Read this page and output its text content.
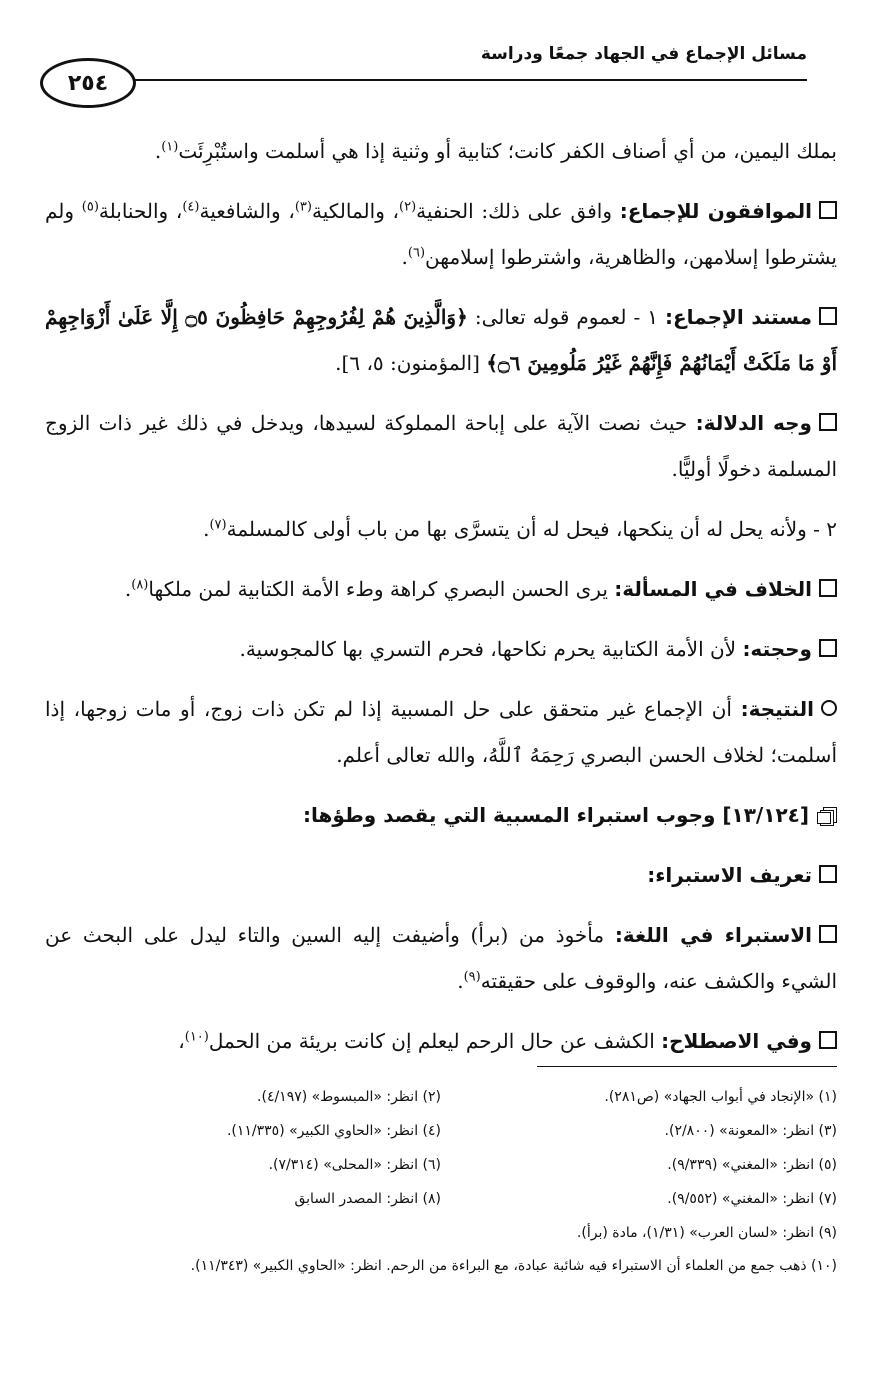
مسائل الإجماع في الجهاد جمعًا ودراسة
٢٥٤

بملك اليمين، من أي أصناف الكفر كانت؛ كتابية أو وثنية إذا هي أسلمت واستُبْرِئَت$^{(١)}$.

الموافقون للإجماع: وافق على ذلك: الحنفية$^{(٢)}$، والمالكية$^{(٣)}$، والشافعية$^{(٤)}$، والحنابلة$^{(٥)}$ ولم يشترطوا إسلامهن، والظاهرية، واشترطوا إسلامهن$^{(٦)}$.

مستند الإجماع: ١ - لعموم قوله تعالى: ﴿وَالَّذِينَ هُمْ لِفُرُوجِهِمْ حَافِظُونَ ۝٥ إِلَّا عَلَىٰ أَزْوَاجِهِمْ أَوْ مَا مَلَكَتْ أَيْمَانُهُمْ فَإِنَّهُمْ غَيْرُ مَلُومِينَ ۝٦﴾ [المؤمنون: ٥، ٦].

وجه الدلالة: حيث نصت الآية على إباحة المملوكة لسيدها، ويدخل في ذلك غير ذات الزوج المسلمة دخولًا أوليًّا.

٢ - ولأنه يحل له أن ينكحها، فيحل له أن يتسرَّى بها من باب أولى كالمسلمة$^{(٧)}$.

الخلاف في المسألة: يرى الحسن البصري كراهة وطء الأمة الكتابية لمن ملكها$^{(٨)}$.

وحجته: لأن الأمة الكتابية يحرم نكاحها، فحرم التسري بها كالمجوسية.

النتيجة: أن الإجماع غير متحقق على حل المسبية إذا لم تكن ذات زوج، أو مات زوجها، إذا أسلمت؛ لخلاف الحسن البصري رَحِمَهُ ٱللَّهُ، والله تعالى أعلم.

[١٣/١٢٤] وجوب استبراء المسبية التي يقصد وطؤها:

تعريف الاستبراء:

الاستبراء في اللغة: مأخوذ من (برأ) وأضيفت إليه السين والتاء ليدل على البحث عن الشيء والكشف عنه، والوقوف على حقيقته$^{(٩)}$.

وفي الاصطلاح: الكشف عن حال الرحم ليعلم إن كانت بريئة من الحمل$^{(١٠)}$،

(١) «الإنجاد في أبواب الجهاد» (ص٢٨١).
(٢) انظر: «المبسوط» (٤/١٩٧).
(٣) انظر: «المعونة» (٢/٨٠٠).
(٤) انظر: «الحاوي الكبير» (١١/٣٣٥).
(٥) انظر: «المغني» (٩/٣٣٩).
(٦) انظر: «المحلى» (٧/٣١٤).
(٧) انظر: «المغني» (٩/٥٥٢).
(٨) انظر: المصدر السابق
(٩) انظر: «لسان العرب» (١/٣١)، مادة (برأ).
(١٠) ذهب جمع من العلماء أن الاستبراء فيه شائبة عبادة، مع البراءة من الرحم. انظر: «الحاوي الكبير» (١١/٣٤٣).
